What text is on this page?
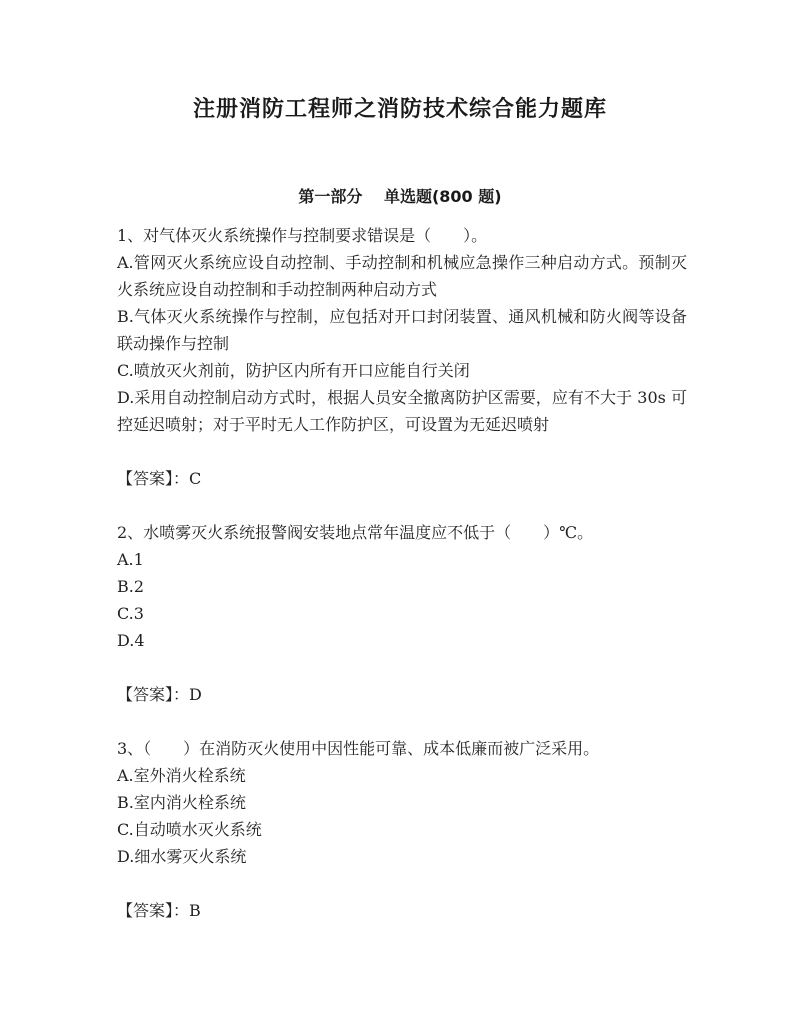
注册消防工程师之消防技术综合能力题库
第一部分　 单选题(800 题)

1、对气体灭火系统操作与控制要求错误是（　　）。

A.管网灭火系统应设自动控制、手动控制和机械应急操作三种启动方式。预制灭火系统应设自动控制和手动控制两种启动方式

B.气体灭火系统操作与控制，应包括对开口封闭装置、通风机械和防火阀等设备联动操作与控制

C.喷放灭火剂前，防护区内所有开口应能自行关闭

D.采用自动控制启动方式时，根据人员安全撤离防护区需要，应有不大于 30s 可控延迟喷射；对于平时无人工作防护区，可设置为无延迟喷射

【答案】：C

2、水喷雾灭火系统报警阀安装地点常年温度应不低于（　　）℃。

A.1

B.2

C.3

D.4

【答案】：D

3、（　　）在消防灭火使用中因性能可靠、成本低廉而被广泛采用。

A.室外消火栓系统

B.室内消火栓系统

C.自动喷水灭火系统

D.细水雾灭火系统

【答案】：B
